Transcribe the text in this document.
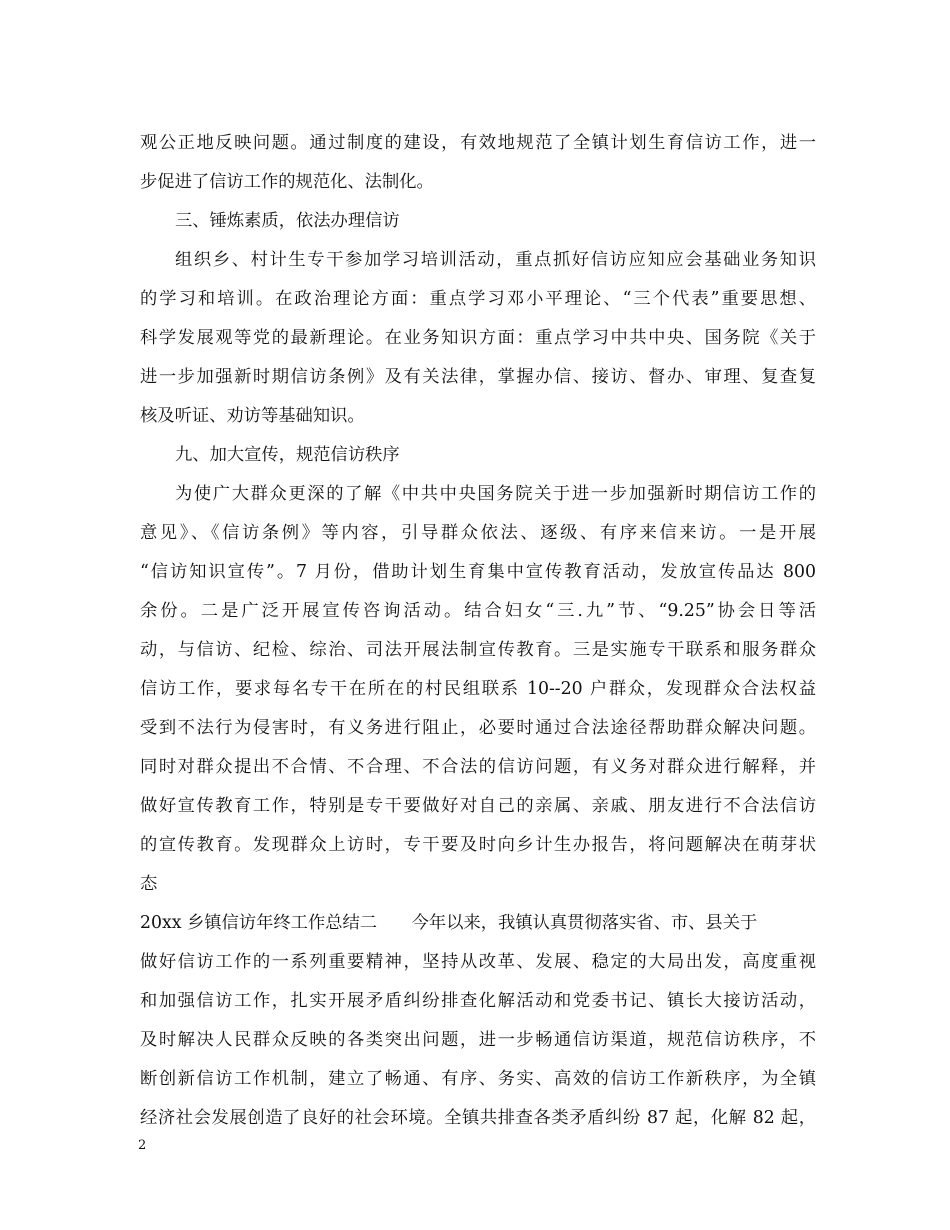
观公正地反映问题。通过制度的建设，有效地规范了全镇计划生育信访工作，进一
步促进了信访工作的规范化、法制化。
三、锤炼素质，依法办理信访
组织乡、村计生专干参加学习培训活动，重点抓好信访应知应会基础业务知识
的学习和培训。在政治理论方面：重点学习邓小平理论、“三个代表”重要思想、
科学发展观等党的最新理论。在业务知识方面：重点学习中共中央、国务院《关于
进一步加强新时期信访条例》及有关法律，掌握办信、接访、督办、审理、复查复
核及听证、劝访等基础知识。
九、加大宣传，规范信访秩序
为使广大群众更深的了解《中共中央国务院关于进一步加强新时期信访工作的
意见》、《信访条例》等内容，引导群众依法、逐级、有序来信来访。一是开展
“信访知识宣传”。7 月份，借助计划生育集中宣传教育活动，发放宣传品达 800
余份。二是广泛开展宣传咨询活动。结合妇女“三.九”节、“9.25”协会日等活
动，与信访、纪检、综治、司法开展法制宣传教育。三是实施专干联系和服务群众
信访工作，要求每名专干在所在的村民组联系 10--20 户群众，发现群众合法权益
受到不法行为侵害时，有义务进行阻止，必要时通过合法途径帮助群众解决问题。
同时对群众提出不合情、不合理、不合法的信访问题，有义务对群众进行解释，并
做好宣传教育工作，特别是专干要做好对自己的亲属、亲戚、朋友进行不合法信访
的宣传教育。发现群众上访时，专干要及时向乡计生办报告，将问题解决在萌芽状
态
20xx 乡镇信访年终工作总结二　　今年以来，我镇认真贯彻落实省、市、县关于
做好信访工作的一系列重要精神，坚持从改革、发展、稳定的大局出发，高度重视
和加强信访工作，扎实开展矛盾纠纷排查化解活动和党委书记、镇长大接访活动，
及时解决人民群众反映的各类突出问题，进一步畅通信访渠道，规范信访秩序，不
断创新信访工作机制，建立了畅通、有序、务实、高效的信访工作新秩序，为全镇
经济社会发展创造了良好的社会环境。全镇共排查各类矛盾纠纷 87 起，化解 82 起，
2
